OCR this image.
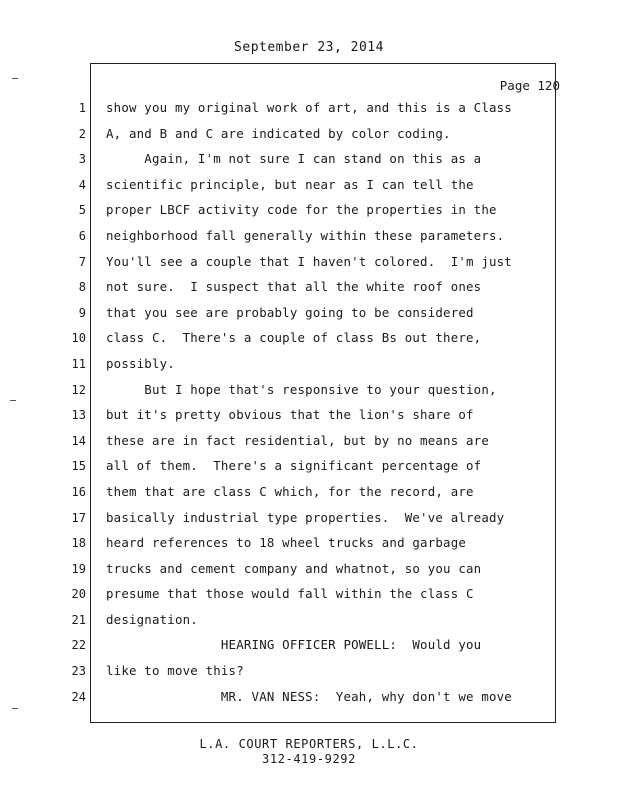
September 23, 2014
Page 120
1
2
3
4
5
6
7
8
9
10
11
12
13
14
15
16
17
18
19
20
21
22
23
24
show you my original work of art, and this is a Class
A, and B and C are indicated by color coding.
Again, I'm not sure I can stand on this as a
scientific principle, but near as I can tell the
proper LBCF activity code for the properties in the
neighborhood fall generally within these parameters.
You'll see a couple that I haven't colored.  I'm just
not sure.  I suspect that all the white roof ones
that you see are probably going to be considered
class C.  There's a couple of class Bs out there,
possibly.
But I hope that's responsive to your question,
but it's pretty obvious that the lion's share of
these are in fact residential, but by no means are
all of them.  There's a significant percentage of
them that are class C which, for the record, are
basically industrial type properties.  We've already
heard references to 18 wheel trucks and garbage
trucks and cement company and whatnot, so you can
presume that those would fall within the class C
designation.
HEARING OFFICER POWELL:  Would you
like to move this?
MR. VAN NESS:  Yeah, why don't we move
L.A. COURT REPORTERS, L.L.C.
312-419-9292
